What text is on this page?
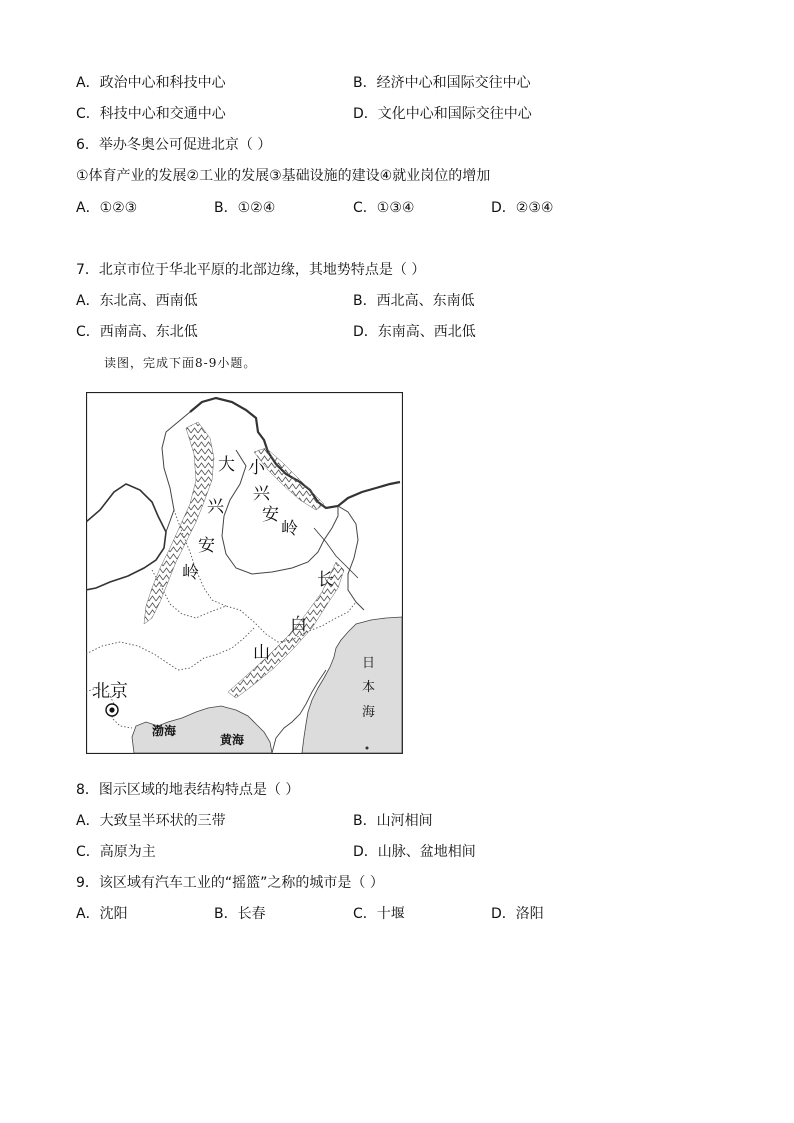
A．政治中心和科技中心	B．经济中心和国际交往中心
C．科技中心和交通中心	D．文化中心和国际交往中心
6．举办冬奥公可促进北京（ ）
①体育产业的发展②工业的发展③基础设施的建设④就业岗位的增加
A．①②③	B．①②④	C．①③④	D．②③④
7．北京市位于华北平原的北部边缘，其地势特点是（ ）
A．东北高、西南低	B．西北高、东南低
C．西南高、东北低	D．东南高、西北低
读图，完成下面8-9小题。
大
兴
安
岭
小
兴
安
岭
长
白
山
日
本
海
北京
渤海
黄海
8．图示区域的地表结构特点是（ ）
A．大致呈半环状的三带	B．山河相间
C．高原为主	D．山脉、盆地相间
9．该区域有汽车工业的“摇篮”之称的城市是（ ）
A．沈阳	B．长春	C．十堰	D．洛阳
